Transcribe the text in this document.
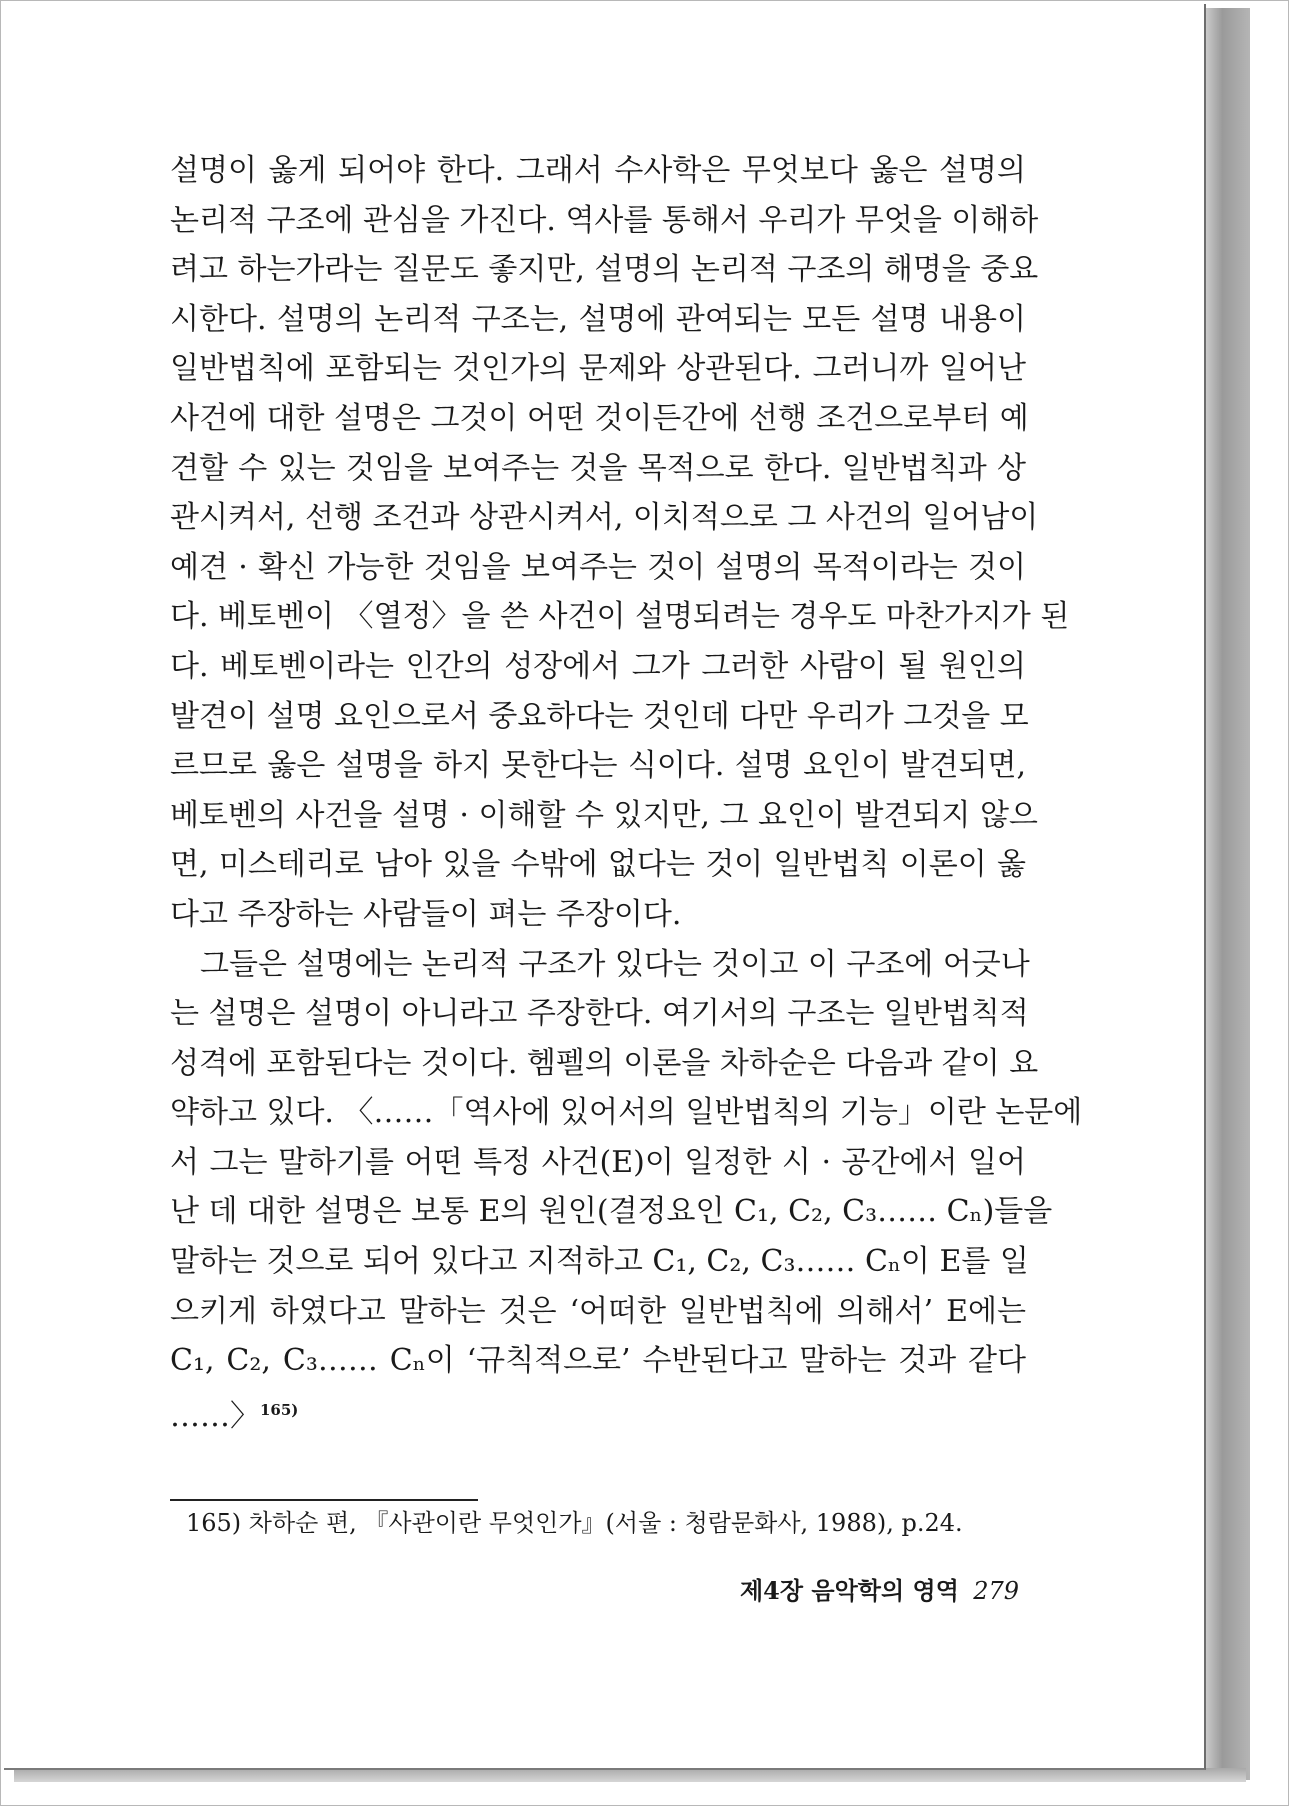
설명이 옳게 되어야 한다. 그래서 수사학은 무엇보다 옳은 설명의
논리적 구조에 관심을 가진다. 역사를 통해서 우리가 무엇을 이해하
려고 하는가라는 질문도 좋지만, 설명의 논리적 구조의 해명을 중요
시한다. 설명의 논리적 구조는, 설명에 관여되는 모든 설명 내용이
일반법칙에 포함되는 것인가의 문제와 상관된다. 그러니까 일어난
사건에 대한 설명은 그것이 어떤 것이든간에 선행 조건으로부터 예
견할 수 있는 것임을 보여주는 것을 목적으로 한다. 일반법칙과 상
관시켜서, 선행 조건과 상관시켜서, 이치적으로 그 사건의 일어남이
예견 · 확신 가능한 것임을 보여주는 것이 설명의 목적이라는 것이
다. 베토벤이 〈열정〉을 쓴 사건이 설명되려는 경우도 마찬가지가 된
다. 베토벤이라는 인간의 성장에서 그가 그러한 사람이 될 원인의
발견이 설명 요인으로서 중요하다는 것인데 다만 우리가 그것을 모
르므로 옳은 설명을 하지 못한다는 식이다. 설명 요인이 발견되면,
베토벤의 사건을 설명 · 이해할 수 있지만, 그 요인이 발견되지 않으
면, 미스테리로 남아 있을 수밖에 없다는 것이 일반법칙 이론이 옳
다고 주장하는 사람들이 펴는 주장이다.
그들은 설명에는 논리적 구조가 있다는 것이고 이 구조에 어긋나
는 설명은 설명이 아니라고 주장한다. 여기서의 구조는 일반법칙적
성격에 포함된다는 것이다. 헴펠의 이론을 차하순은 다음과 같이 요
약하고 있다. 〈……「역사에 있어서의 일반법칙의 기능」이란 논문에
서 그는 말하기를 어떤 특정 사건(E)이 일정한 시 · 공간에서 일어
난 데 대한 설명은 보통 E의 원인(결정요인 C₁, C₂, C₃…… Cₙ)들을
말하는 것으로 되어 있다고 지적하고 C₁, C₂, C₃…… Cₙ이 E를 일
으키게 하였다고 말하는 것은 ‘어떠한 일반법칙에 의해서’ E에는
C₁, C₂, C₃…… Cₙ이 ‘규칙적으로’ 수반된다고 말하는 것과 같다
……〉$^{165)}$
165) 차하순 편, 『사관이란 무엇인가』(서울 : 청람문화사, 1988), p.24.
제4장 음악학의 영역 279
